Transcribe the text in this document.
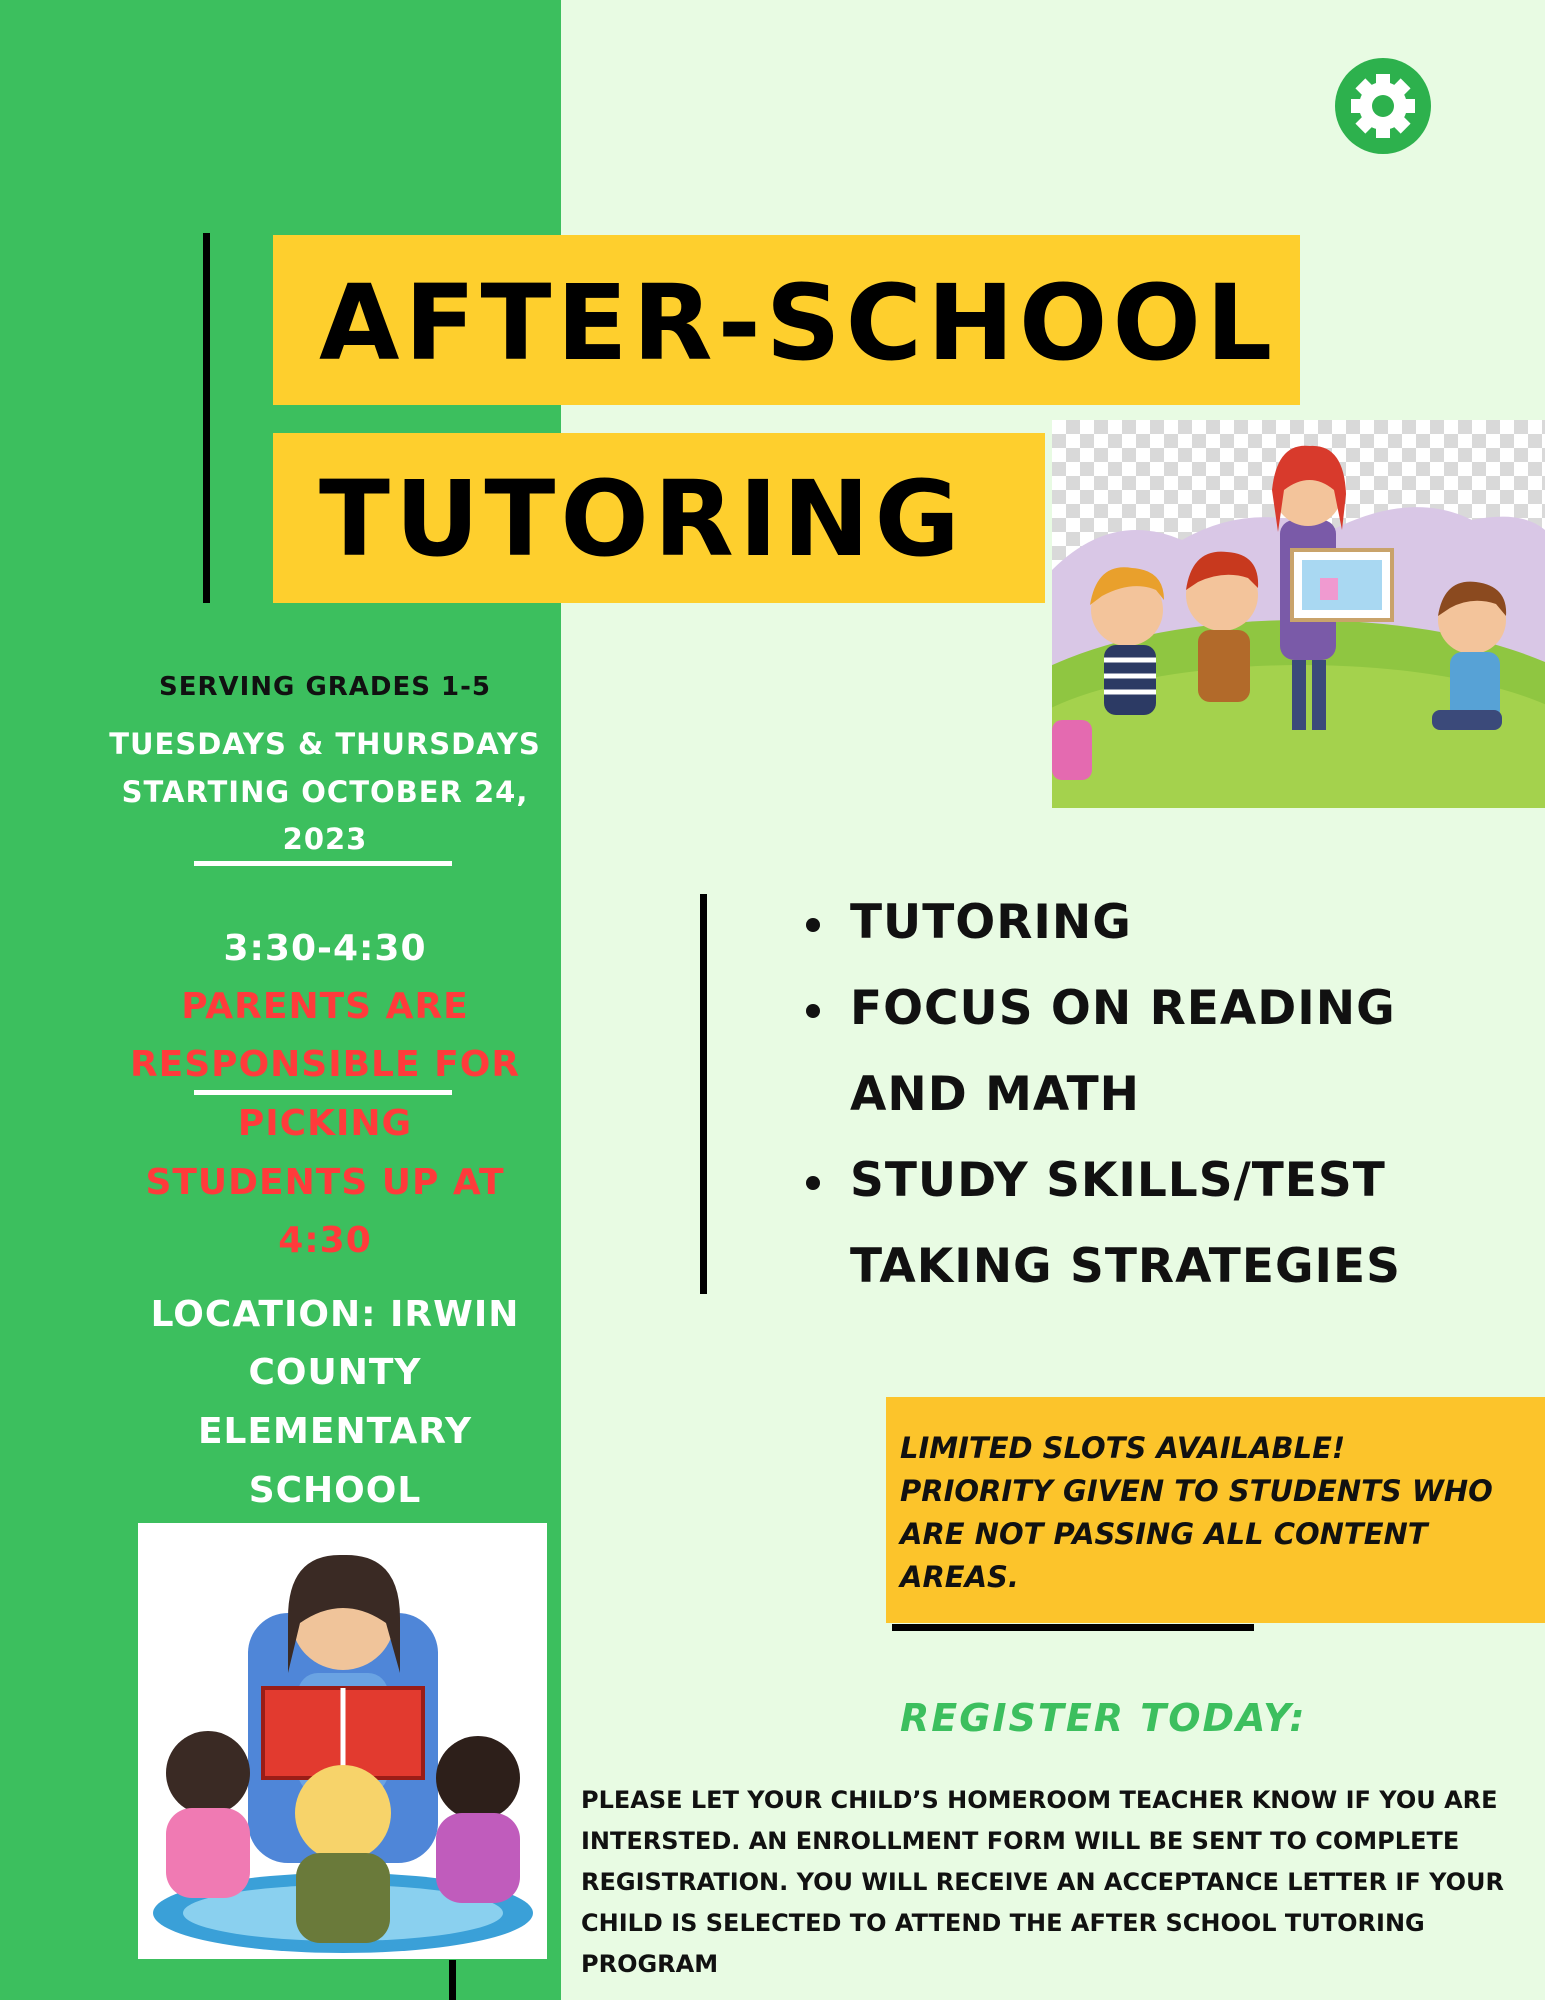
AFTER-SCHOOL
TUTORING
SERVING GRADES 1-5
TUESDAYS & THURSDAYS
STARTING OCTOBER 24,
2023
3:30-4:30
PARENTS ARE
RESPONSIBLE FOR
PICKING
STUDENTS UP AT
4:30
LOCATION: IRWIN
COUNTY
ELEMENTARY
SCHOOL
TUTORING
FOCUS ON READING
AND MATH
STUDY SKILLS/TEST
TAKING STRATEGIES

LIMITED SLOTS AVAILABLE!
PRIORITY GIVEN TO STUDENTS WHO
ARE NOT PASSING ALL CONTENT
AREAS.

REGISTER TODAY:

PLEASE LET YOUR CHILD’S HOMEROOM TEACHER KNOW IF YOU ARE
INTERSTED. AN ENROLLMENT FORM WILL BE SENT TO COMPLETE
REGISTRATION. YOU WILL RECEIVE AN ACCEPTANCE LETTER IF YOUR
CHILD IS SELECTED TO ATTEND THE AFTER SCHOOL TUTORING PROGRAM
